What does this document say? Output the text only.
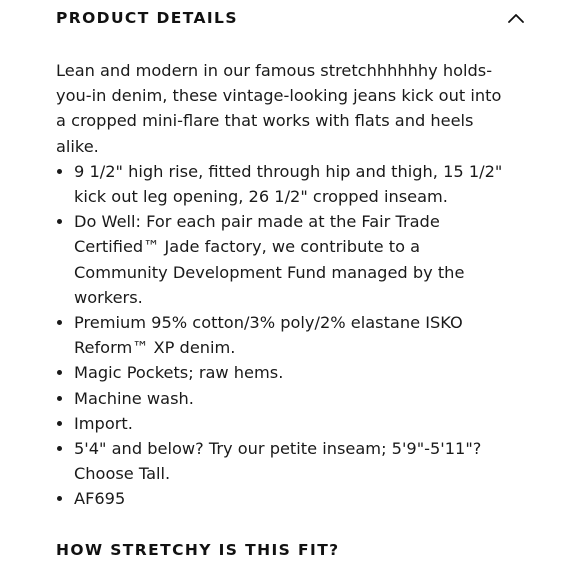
PRODUCT DETAILS

Lean and modern in our famous stretchhhhhhy holds-you-in denim, these vintage-looking jeans kick out into a cropped mini-flare that works with flats and heels alike.

9 1/2" high rise, fitted through hip and thigh, 15 1/2" kick out leg opening, 26 1/2" cropped inseam.
Do Well: For each pair made at the Fair Trade Certified™ Jade factory, we contribute to a Community Development Fund managed by the workers.
Premium 95% cotton/3% poly/2% elastane ISKO Reform™ XP denim.
Magic Pockets; raw hems.
Machine wash.
Import.
5'4" and below? Try our petite inseam; 5'9"-5'11"? Choose Tall.
AF695
HOW STRETCHY IS THIS FIT?
